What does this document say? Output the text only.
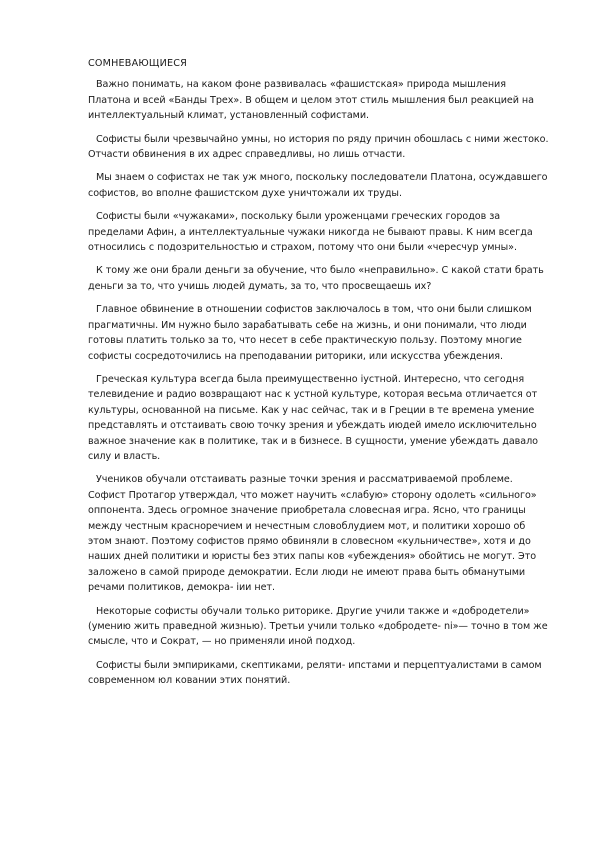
СОМНЕВАЮЩИЕСЯ

Важно понимать, на каком фоне развивалась «фашистская» природа мышления Платона и всей «Банды Трех». В общем и целом этот стиль мышления был реакцией на интеллектуальный климат, установленный софистами.

Софисты были чрезвычайно умны, но история по ряду причин обошлась с ними жестоко. Отчасти обвинения в их адрес справедливы, но лишь отчасти.

Мы знаем о софистах не так уж много, поскольку последователи Платона, осуждавшего софистов, во вполне фашистском духе уничтожали их труды.

Софисты были «чужаками», поскольку были уроженцами греческих городов за пределами Афин, а интеллектуальные чужаки никогда не бывают правы. К ним всегда относились с подозрительностью и страхом, потому что они были «чересчур умны».

К тому же они брали деньги за обучение, что было «неправильно». С какой стати брать деньги за то, что учишь людей думать, за то, что просвещаешь их?

Главное обвинение в отношении софистов заключалось в том, что они были слишком прагматичны. Им нужно было зарабатывать себе на жизнь, и они понимали, что люди готовы платить только за то, что несет в себе практическую пользу. Поэтому многие софисты сосредоточились на преподавании риторики, или искусства убеждения.

Греческая культура всегда была преимущественно iустной. Интересно, что сегодня телевидение и радио возвращают нас к устной культуре, которая весьма отличается от культуры, основанной на письме. Как у нас сейчас, так и в Греции в те времена умение представлять и отстаивать свою точку зрения и убеждать июдей имело исключительно важное значение как в политике, так и в бизнесе. В сущности, умение убеждать давало силу и власть.

Учеников обучали отстаивать разные точки зрения и рассматриваемой проблеме. Софист Протагор утверждал, что может научить «слабую» сторону одолеть «сильного» оппонента. Здесь огромное значение приобретала словесная игра. Ясно, что границы между честным красноречием и нечестным словоблудием мот, и политики хорошо об этом знают. Поэтому софистов прямо обвиняли в словесном «кульничестве», хотя и до наших дней политики и юристы без этих папы ков «убеждения» обойтись не могут. Это заложено в самой природе демократии. Если люди не имеют права быть обманутыми речами политиков, демокра- iии нет.

Некоторые софисты обучали только риторике. Другие учили также и «добродетели» (умению жить праведной жизнью). Третьи учили только «добродете- ni»— точно в том же смысле, что и Сократ, — но применяли иной подход.

Софисты были эмпириками, скептиками, реляти- ипстами и перцептуалистами в самом современном юл ковании этих понятий.
